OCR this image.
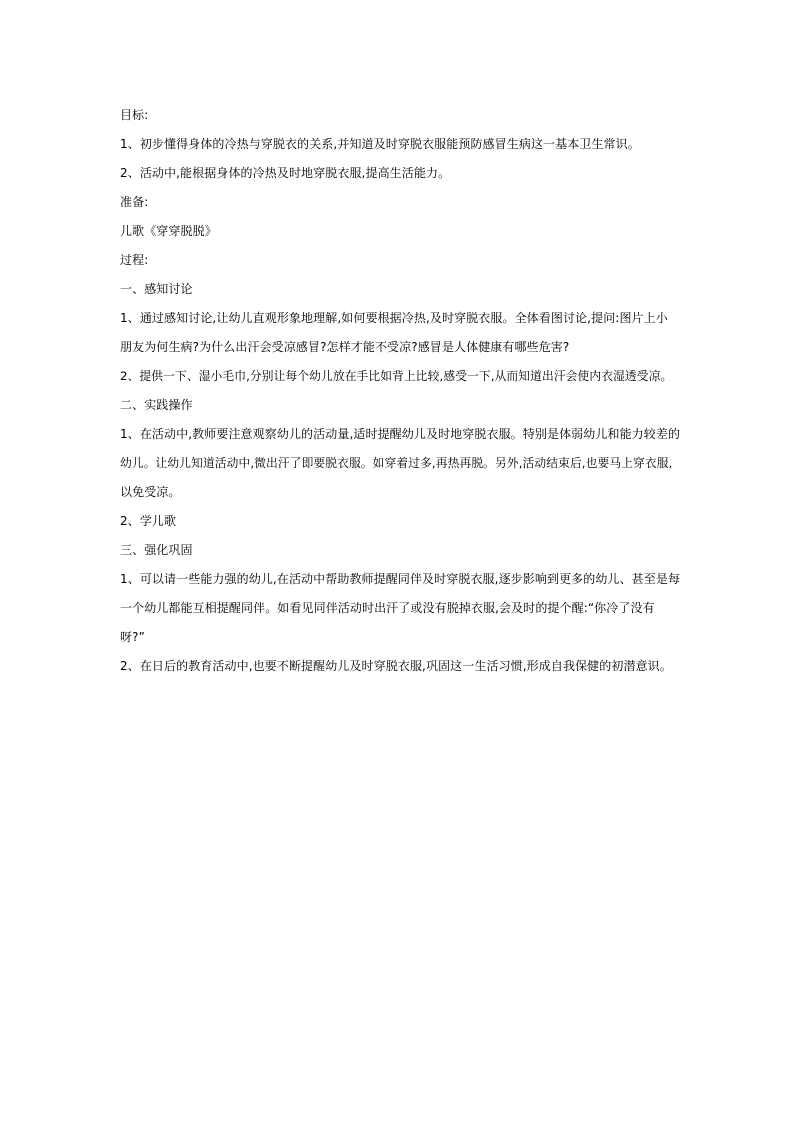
目标:
1、初步懂得身体的冷热与穿脱衣的关系,并知道及时穿脱衣服能预防感冒生病这一基本卫生常识。
2、活动中,能根据身体的冷热及时地穿脱衣服,提高生活能力。
准备:
儿歌《穿穿脱脱》
过程:
一、感知讨论
1、通过感知讨论,让幼儿直观形象地理解,如何要根据冷热,及时穿脱衣服。全体看图讨论,提问:图片上小
朋友为何生病?为什么出汗会受凉感冒?怎样才能不受凉?感冒是人体健康有哪些危害?
2、提供一下、湿小毛巾,分别让每个幼儿放在手比如背上比较,感受一下,从而知道出汗会使内衣湿透受凉。
二、实践操作
1、在活动中,教师要注意观察幼儿的活动量,适时提醒幼儿及时地穿脱衣服。特别是体弱幼儿和能力较差的
幼儿。让幼儿知道活动中,微出汗了即要脱衣服。如穿着过多,再热再脱。另外,活动结束后,也要马上穿衣服,
以免受凉。
2、学儿歌
三、强化巩固
1、可以请一些能力强的幼儿,在活动中帮助教师提醒同伴及时穿脱衣服,逐步影响到更多的幼儿、甚至是每
一个幼儿都能互相提醒同伴。如看见同伴活动时出汗了或没有脱掉衣服,会及时的提个醒:“你冷了没有
呀?”
2、在日后的教育活动中,也要不断提醒幼儿及时穿脱衣服,巩固这一生活习惯,形成自我保健的初潜意识。
